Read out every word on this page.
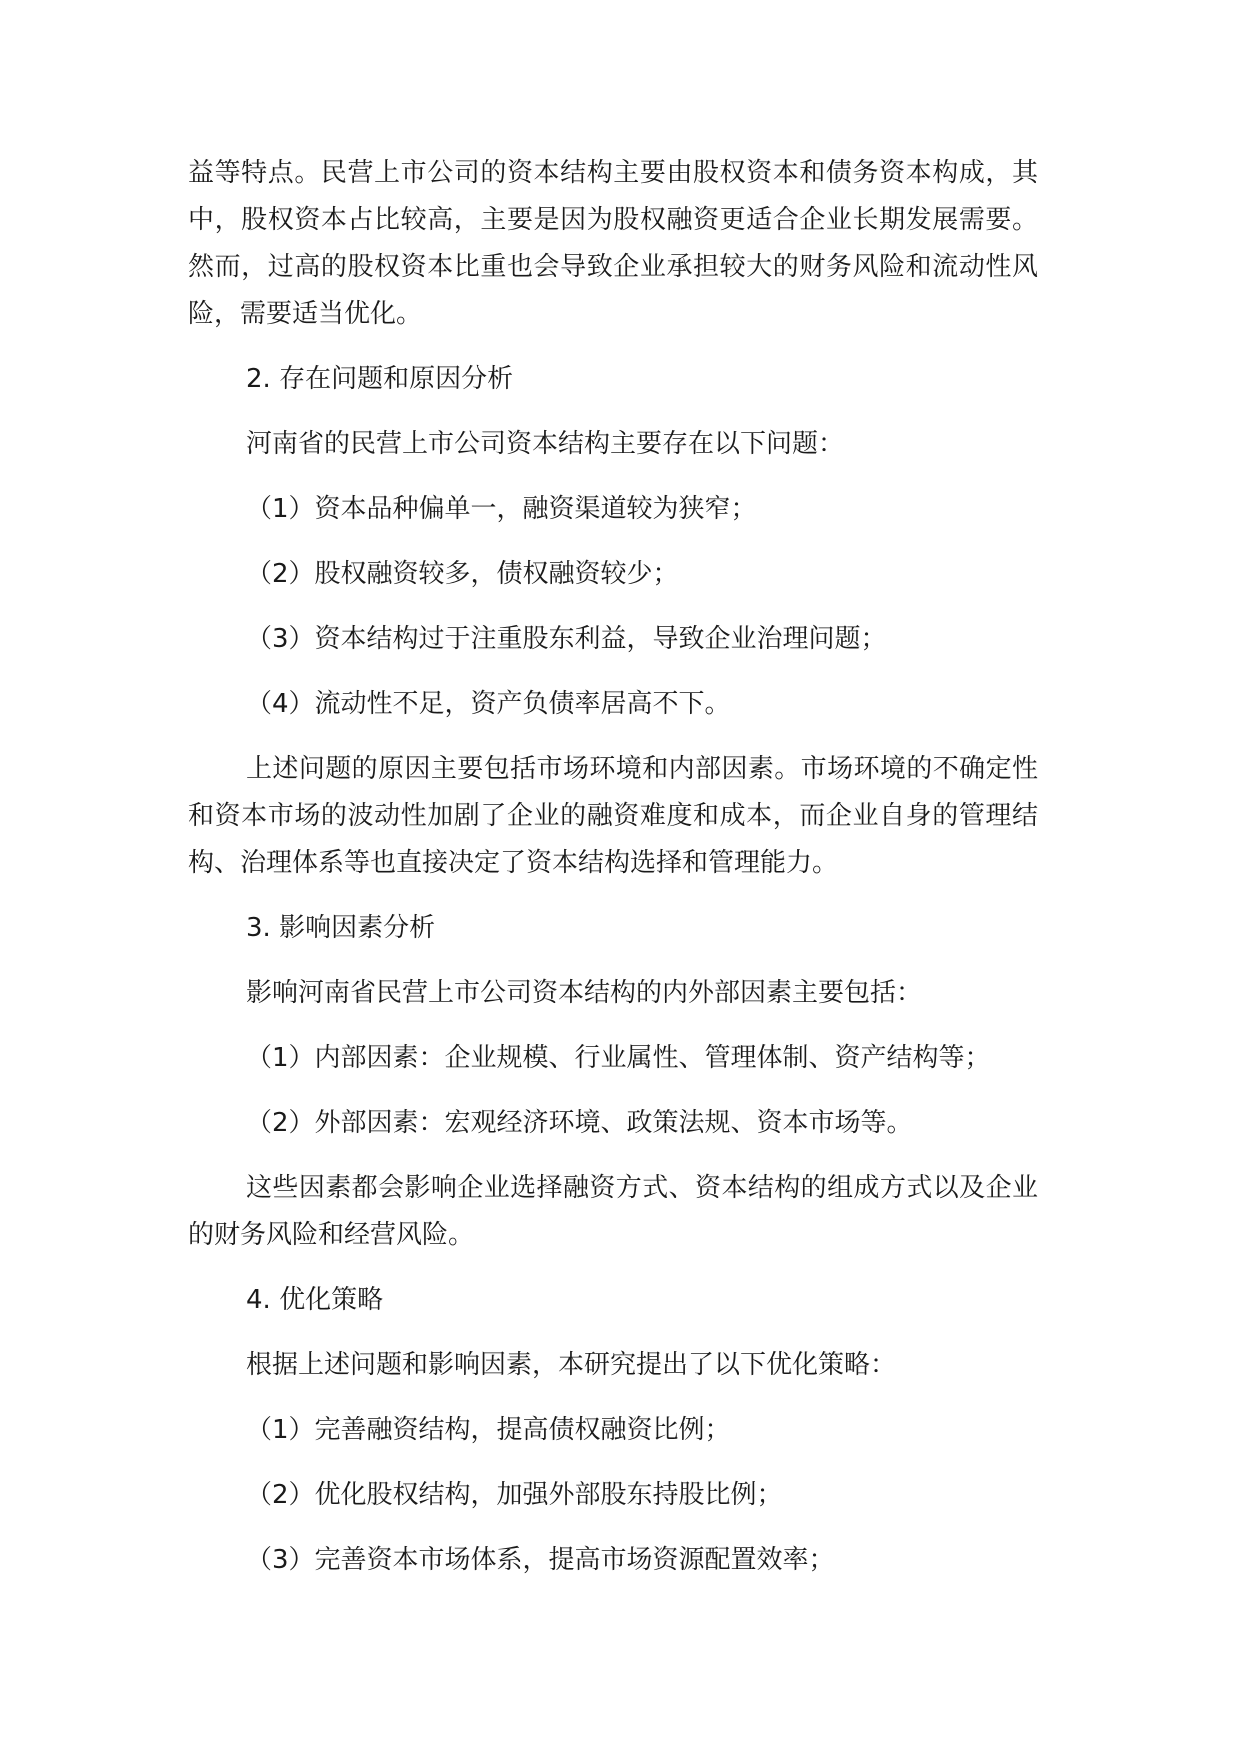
益等特点。民营上市公司的资本结构主要由股权资本和债务资本构成，其中，股权资本占比较高，主要是因为股权融资更适合企业长期发展需要。然而，过高的股权资本比重也会导致企业承担较大的财务风险和流动性风险，需要适当优化。

2. 存在问题和原因分析

河南省的民营上市公司资本结构主要存在以下问题：

（1）资本品种偏单一，融资渠道较为狭窄；

（2）股权融资较多，债权融资较少；

（3）资本结构过于注重股东利益，导致企业治理问题；

（4）流动性不足，资产负债率居高不下。

上述问题的原因主要包括市场环境和内部因素。市场环境的不确定性和资本市场的波动性加剧了企业的融资难度和成本，而企业自身的管理结构、治理体系等也直接决定了资本结构选择和管理能力。

3. 影响因素分析

影响河南省民营上市公司资本结构的内外部因素主要包括：

（1）内部因素：企业规模、行业属性、管理体制、资产结构等；

（2）外部因素：宏观经济环境、政策法规、资本市场等。

这些因素都会影响企业选择融资方式、资本结构的组成方式以及企业的财务风险和经营风险。

4. 优化策略

根据上述问题和影响因素，本研究提出了以下优化策略：

（1）完善融资结构，提高债权融资比例；

（2）优化股权结构，加强外部股东持股比例；

（3）完善资本市场体系，提高市场资源配置效率；
